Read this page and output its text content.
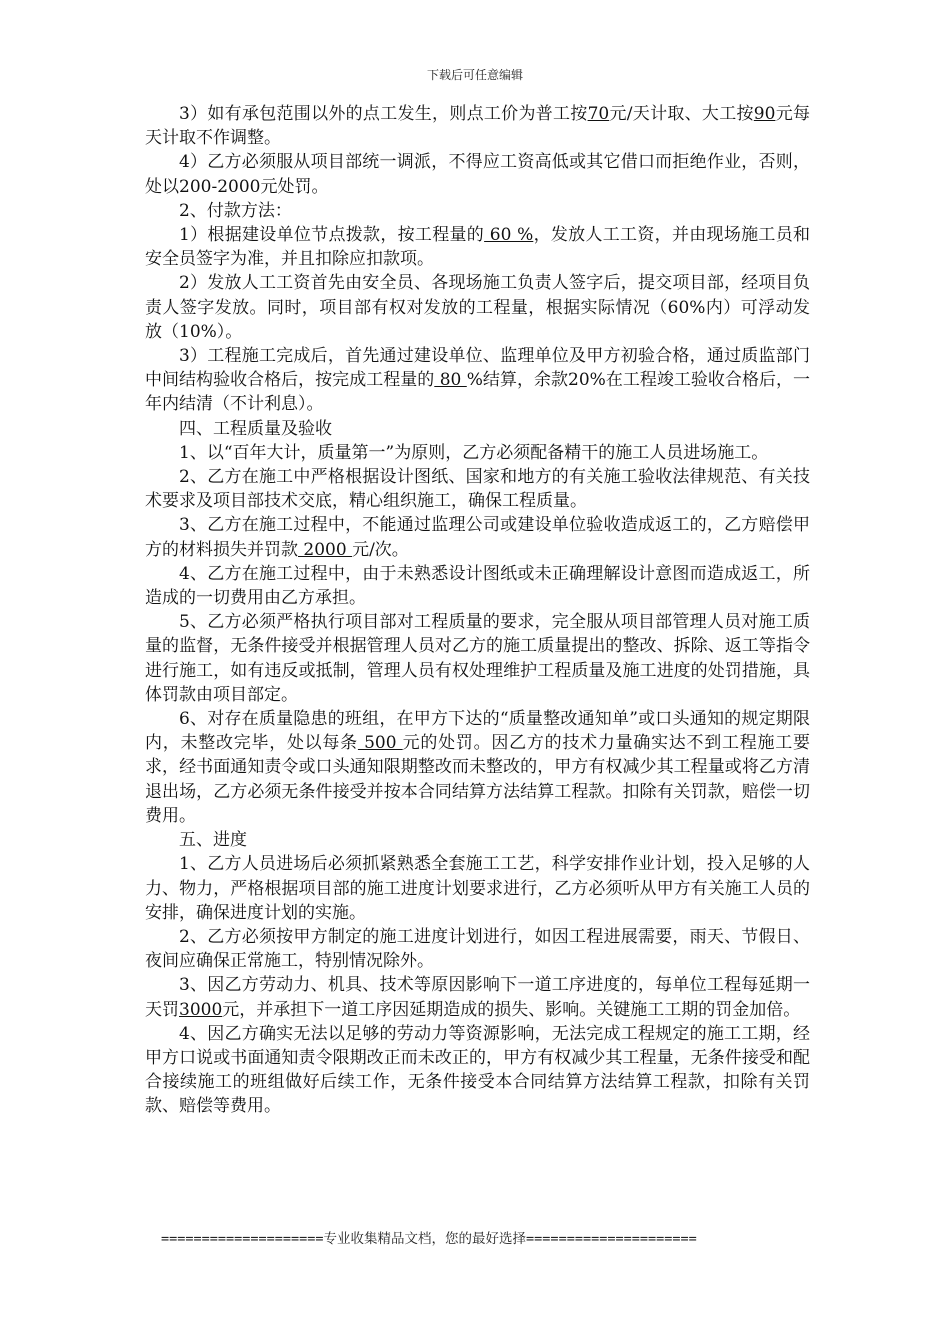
下载后可任意编辑

3）如有承包范围以外的点工发生，则点工价为普工按70元/天计取、大工按90元每天计取不作调整。

4）乙方必须服从项目部统一调派，不得应工资高低或其它借口而拒绝作业，否则，处以200-2000元处罚。

2、付款方法：

1）根据建设单位节点拨款，按工程量的 60 %，发放人工工资，并由现场施工员和安全员签字为准，并且扣除应扣款项。

2）发放人工工资首先由安全员、各现场施工负责人签字后，提交项目部，经项目负责人签字发放。同时，项目部有权对发放的工程量，根据实际情况（60%内）可浮动发放（10%）。

3）工程施工完成后，首先通过建设单位、监理单位及甲方初验合格，通过质监部门中间结构验收合格后，按完成工程量的 80 %结算，余款20%在工程竣工验收合格后，一年内结清（不计利息）。

四、工程质量及验收

1、以“百年大计，质量第一”为原则，乙方必须配备精干的施工人员进场施工。

2、乙方在施工中严格根据设计图纸、国家和地方的有关施工验收法律规范、有关技术要求及项目部技术交底，精心组织施工，确保工程质量。

3、乙方在施工过程中，不能通过监理公司或建设单位验收造成返工的，乙方赔偿甲方的材料损失并罚款 2000 元/次。

4、乙方在施工过程中，由于未熟悉设计图纸或未正确理解设计意图而造成返工，所造成的一切费用由乙方承担。

5、乙方必须严格执行项目部对工程质量的要求，完全服从项目部管理人员对施工质量的监督，无条件接受并根据管理人员对乙方的施工质量提出的整改、拆除、返工等指令进行施工，如有违反或抵制，管理人员有权处理维护工程质量及施工进度的处罚措施，具体罚款由项目部定。

6、对存在质量隐患的班组，在甲方下达的“质量整改通知单”或口头通知的规定期限内，未整改完毕，处以每条 500 元的处罚。因乙方的技术力量确实达不到工程施工要求，经书面通知责令或口头通知限期整改而未整改的，甲方有权减少其工程量或将乙方清退出场，乙方必须无条件接受并按本合同结算方法结算工程款。扣除有关罚款，赔偿一切费用。

五、进度

1、乙方人员进场后必须抓紧熟悉全套施工工艺，科学安排作业计划，投入足够的人力、物力，严格根据项目部的施工进度计划要求进行，乙方必须听从甲方有关施工人员的安排，确保进度计划的实施。

2、乙方必须按甲方制定的施工进度计划进行，如因工程进展需要，雨天、节假日、夜间应确保正常施工，特别情况除外。

3、因乙方劳动力、机具、技术等原因影响下一道工序进度的，每单位工程每延期一天罚3000元，并承担下一道工序因延期造成的损失、影响。关键施工工期的罚金加倍。

4、因乙方确实无法以足够的劳动力等资源影响，无法完成工程规定的施工工期，经甲方口说或书面通知责令限期改正而未改正的，甲方有权减少其工程量，无条件接受和配合接续施工的班组做好后续工作，无条件接受本合同结算方法结算工程款，扣除有关罚款、赔偿等费用。

====================专业收集精品文档，您的最好选择=====================
